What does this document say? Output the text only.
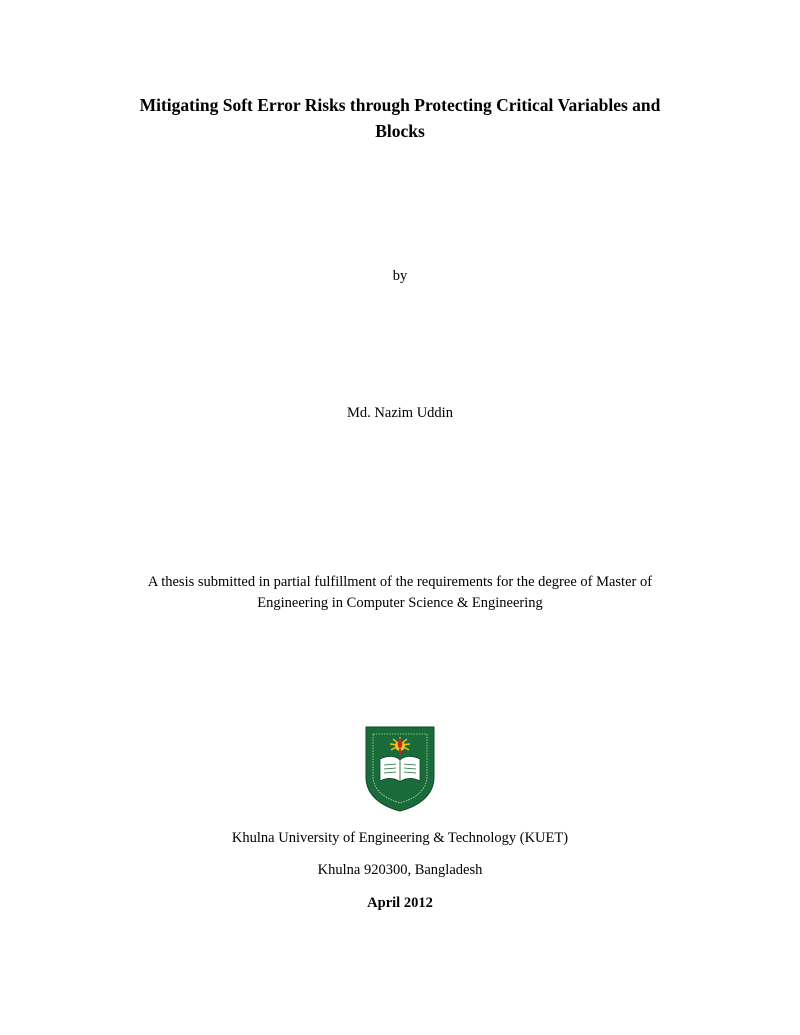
Mitigating Soft Error Risks through Protecting Critical Variables and
Blocks
by
Md. Nazim Uddin
A thesis submitted in partial fulfillment of the requirements for the degree of Master of
Engineering in Computer Science & Engineering
Khulna University of Engineering & Technology (KUET)
Khulna 920300, Bangladesh
April 2012
